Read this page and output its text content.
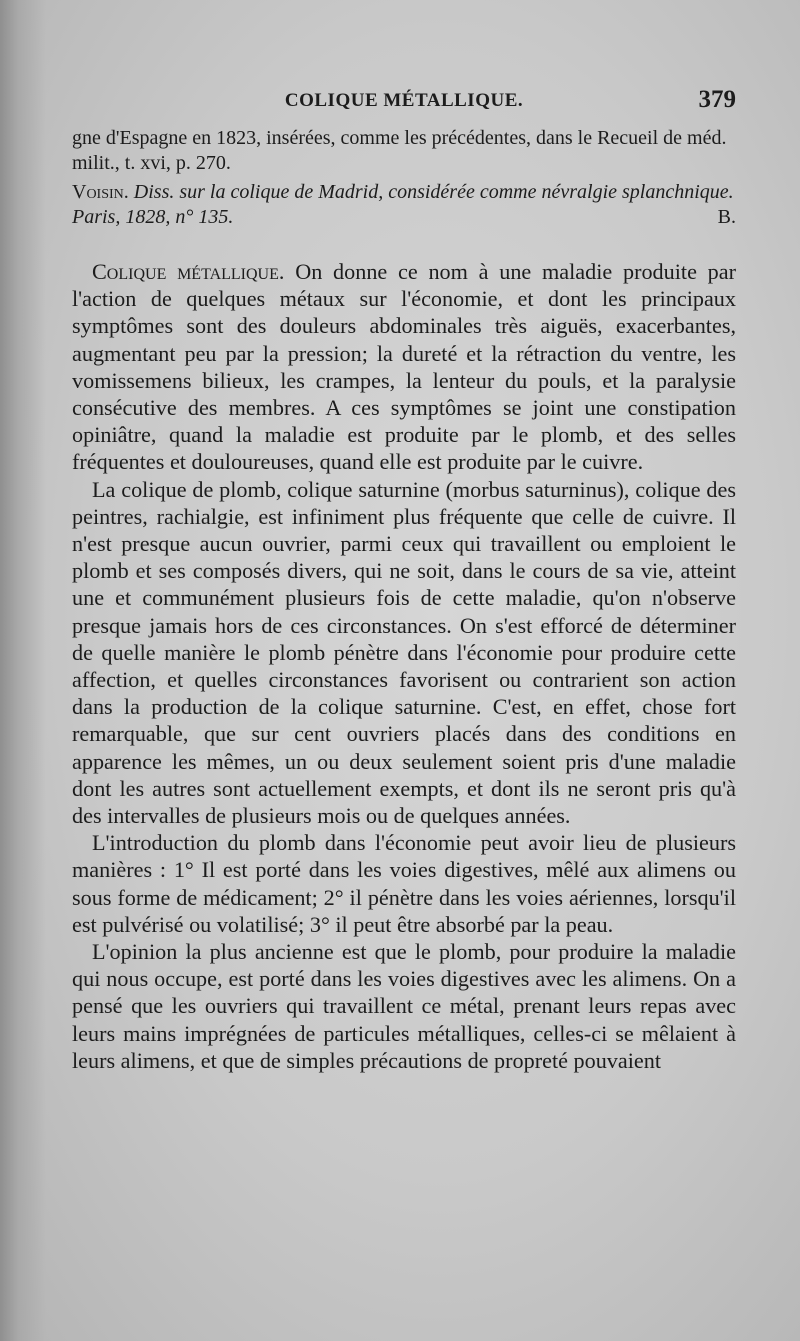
COLIQUE MÉTALLIQUE.	379
gne d'Espagne en 1823, insérées, comme les précédentes, dans le Recueil de méd. milit., t. xvi, p. 270.
Voisin. Diss. sur la colique de Madrid, considérée comme névralgie splanchnique. Paris, 1828, n° 135.	B.

Colique métallique. On donne ce nom à une maladie produite par l'action de quelques métaux sur l'économie, et dont les principaux symptômes sont des douleurs abdominales très aiguës, exacerbantes, augmentant peu par la pression; la dureté et la rétraction du ventre, les vomissemens bilieux, les crampes, la lenteur du pouls, et la paralysie consécutive des membres. A ces symptômes se joint une constipation opiniâtre, quand la maladie est produite par le plomb, et des selles fréquentes et douloureuses, quand elle est produite par le cuivre.

La colique de plomb, colique saturnine (morbus saturninus), colique des peintres, rachialgie, est infiniment plus fréquente que celle de cuivre. Il n'est presque aucun ouvrier, parmi ceux qui travaillent ou emploient le plomb et ses composés divers, qui ne soit, dans le cours de sa vie, atteint une et communément plusieurs fois de cette maladie, qu'on n'observe presque jamais hors de ces circonstances. On s'est efforcé de déterminer de quelle manière le plomb pénètre dans l'économie pour produire cette affection, et quelles circonstances favorisent ou contrarient son action dans la production de la colique saturnine. C'est, en effet, chose fort remarquable, que sur cent ouvriers placés dans des conditions en apparence les mêmes, un ou deux seulement soient pris d'une maladie dont les autres sont actuellement exempts, et dont ils ne seront pris qu'à des intervalles de plusieurs mois ou de quelques années.

L'introduction du plomb dans l'économie peut avoir lieu de plusieurs manières : 1° Il est porté dans les voies digestives, mêlé aux alimens ou sous forme de médicament; 2° il pénètre dans les voies aériennes, lorsqu'il est pulvérisé ou volatilisé; 3° il peut être absorbé par la peau.

L'opinion la plus ancienne est que le plomb, pour produire la maladie qui nous occupe, est porté dans les voies digestives avec les alimens. On a pensé que les ouvriers qui travaillent ce métal, prenant leurs repas avec leurs mains imprégnées de particules métalliques, celles-ci se mêlaient à leurs alimens, et que de simples précautions de propreté pouvaient
